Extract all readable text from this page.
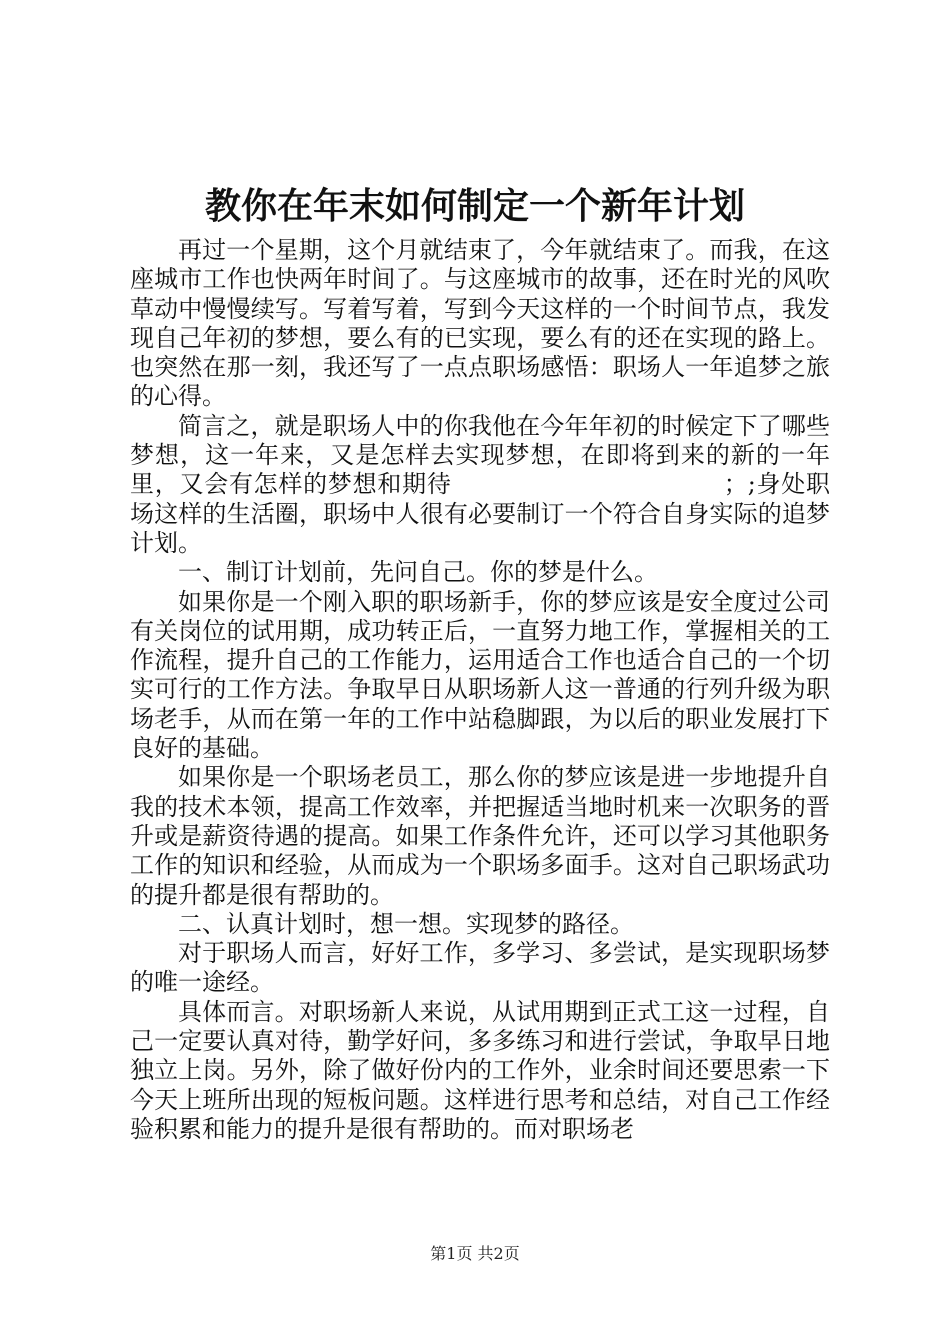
教你在年末如何制定一个新年计划

再过一个星期，这个月就结束了，今年就结束了。而我，在这座城市工作也快两年时间了。与这座城市的故事，还在时光的风吹草动中慢慢续写。写着写着，写到今天这样的一个时间节点，我发现自己年初的梦想，要么有的已实现，要么有的还在实现的路上。也突然在那一刻，我还写了一点点职场感悟：职场人一年追梦之旅的心得。

简言之，就是职场人中的你我他在今年年初的时候定下了哪些梦想，这一年来，又是怎样去实现梦想，在即将到来的新的一年里，又会有怎样的梦想和期待　　　　　　　　　　　；;身处职场这样的生活圈，职场中人很有必要制订一个符合自身实际的追梦计划。

一、制订计划前，先问自己。你的梦是什么。

如果你是一个刚入职的职场新手，你的梦应该是安全度过公司有关岗位的试用期，成功转正后，一直努力地工作，掌握相关的工作流程，提升自己的工作能力，运用适合工作也适合自己的一个切实可行的工作方法。争取早日从职场新人这一普通的行列升级为职场老手，从而在第一年的工作中站稳脚跟，为以后的职业发展打下良好的基础。

如果你是一个职场老员工，那么你的梦应该是进一步地提升自我的技术本领，提高工作效率，并把握适当地时机来一次职务的晋升或是薪资待遇的提高。如果工作条件允许，还可以学习其他职务工作的知识和经验，从而成为一个职场多面手。这对自己职场武功的提升都是很有帮助的。

二、认真计划时，想一想。实现梦的路径。

对于职场人而言，好好工作，多学习、多尝试，是实现职场梦的唯一途经。

具体而言。对职场新人来说，从试用期到正式工这一过程，自己一定要认真对待，勤学好问，多多练习和进行尝试，争取早日地独立上岗。另外，除了做好份内的工作外，业余时间还要思索一下今天上班所出现的短板问题。这样进行思考和总结，对自己工作经验积累和能力的提升是很有帮助的。而对职场老

第1页 共2页
